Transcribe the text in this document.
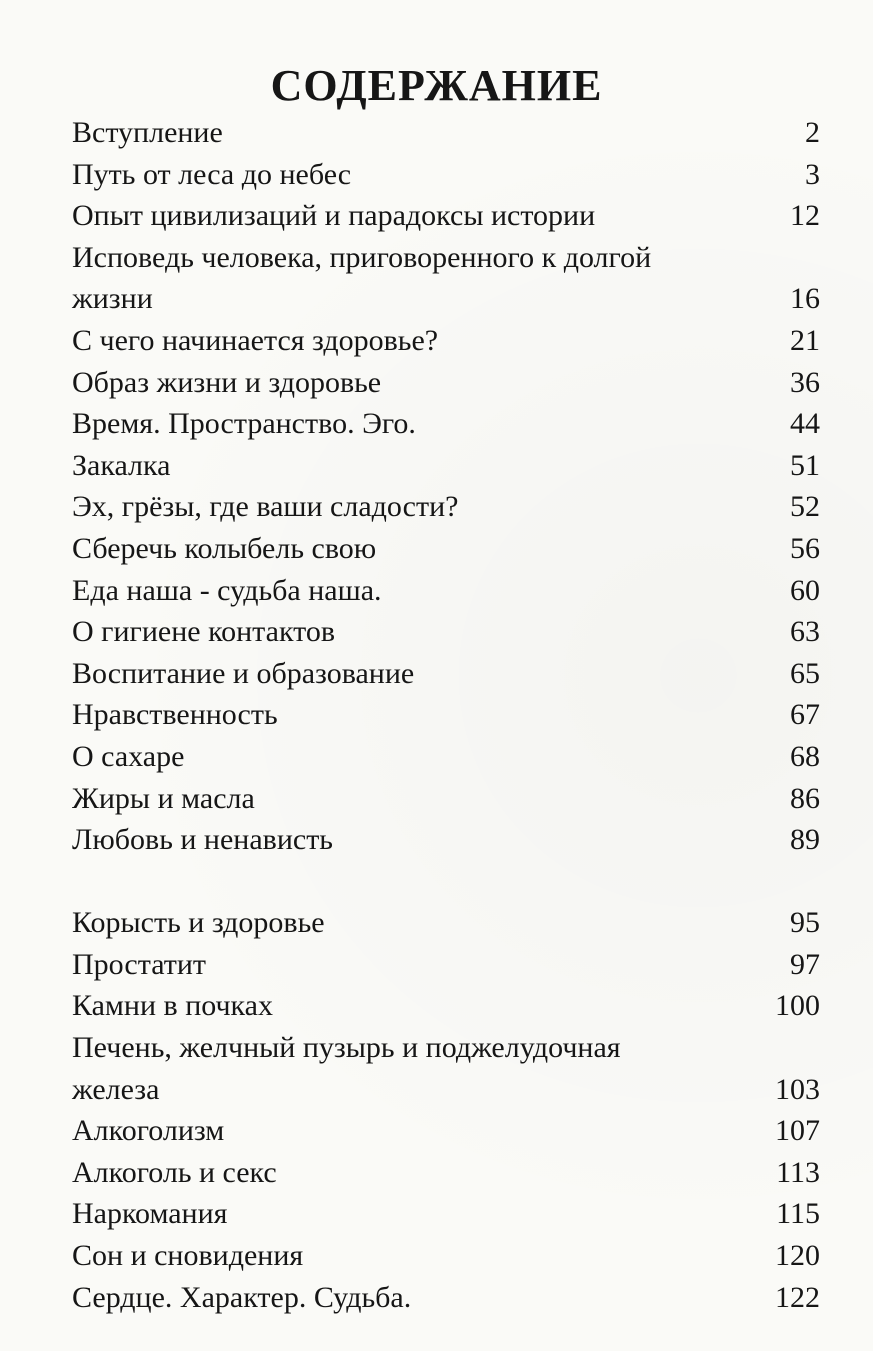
СОДЕРЖАНИЕ
Вступление	2
Путь от леса до небес	3
Опыт цивилизаций и парадоксы истории	12
Исповедь человека, приговоренного к долгой жизни	16
С чего начинается здоровье?	21
Образ жизни и здоровье	36
Время. Пространство. Эго.	44
Закалка	51
Эх, грёзы, где ваши сладости?	52
Сберечь колыбель свою	56
Еда наша - судьба наша.	60
О гигиене контактов	63
Воспитание и образование	65
Нравственность	67
О сахаре	68
Жиры и масла	86
Любовь и ненависть	89
Корысть и здоровье	95
Простатит	97
Камни в почках	100
Печень, желчный пузырь и поджелудочная железа	103
Алкоголизм	107
Алкоголь и секс	113
Наркомания	115
Сон и сновидения	120
Сердце. Характер. Судьба.	122
